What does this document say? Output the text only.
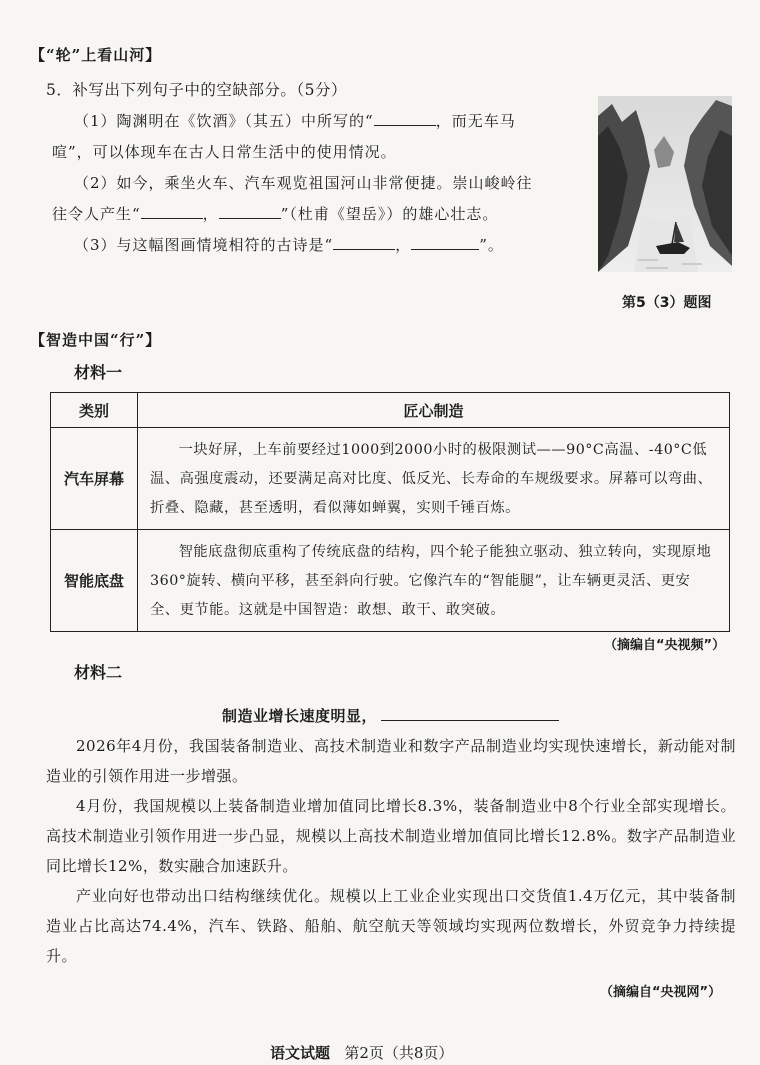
【“轮”上看山河】
5．补写出下列句子中的空缺部分。（5分）
（1）陶渊明在《饮酒》（其五）中所写的“	，而无车马
喧”，可以体现车在古人日常生活中的使用情况。
（2）如今，乘坐火车、汽车观览祖国河山非常便捷。崇山峻岭往
往令人产生“	，	”（杜甫《望岳》）的雄心壮志。
（3）与这幅图画情境相符的古诗是“	，	”。
第5（3）题图
【智造中国“行”】
材料一
类别	匠心制造
汽车屏幕	一块好屏，上车前要经过1000到2000小时的极限测试——90°C高温、-40°C低温、高强度震动，还要满足高对比度、低反光、长寿命的车规级要求。屏幕可以弯曲、折叠、隐藏，甚至透明，看似薄如蝉翼，实则千锤百炼。

智能底盘	智能底盘彻底重构了传统底盘的结构，四个轮子能独立驱动、独立转向，实现原地360°旋转、横向平移，甚至斜向行驶。它像汽车的“智能腿”，让车辆更灵活、更安全、更节能。这就是中国智造：敢想、敢干、敢突破。

（摘编自“央视频”）
材料二
制造业增长速度明显，

2026年4月份，我国装备制造业、高技术制造业和数字产品制造业均实现快速增长，新动能对制造业的引领作用进一步增强。

4月份，我国规模以上装备制造业增加值同比增长8.3%，装备制造业中8个行业全部实现增长。高技术制造业引领作用进一步凸显，规模以上高技术制造业增加值同比增长12.8%。数字产品制造业同比增长12%，数实融合加速跃升。

产业向好也带动出口结构继续优化。规模以上工业企业实现出口交货值1.4万亿元，其中装备制造业占比高达74.4%，汽车、铁路、船舶、航空航天等领域均实现两位数增长，外贸竞争力持续提升。

（摘编自“央视网”）
语文试题 第2页（共8页）
